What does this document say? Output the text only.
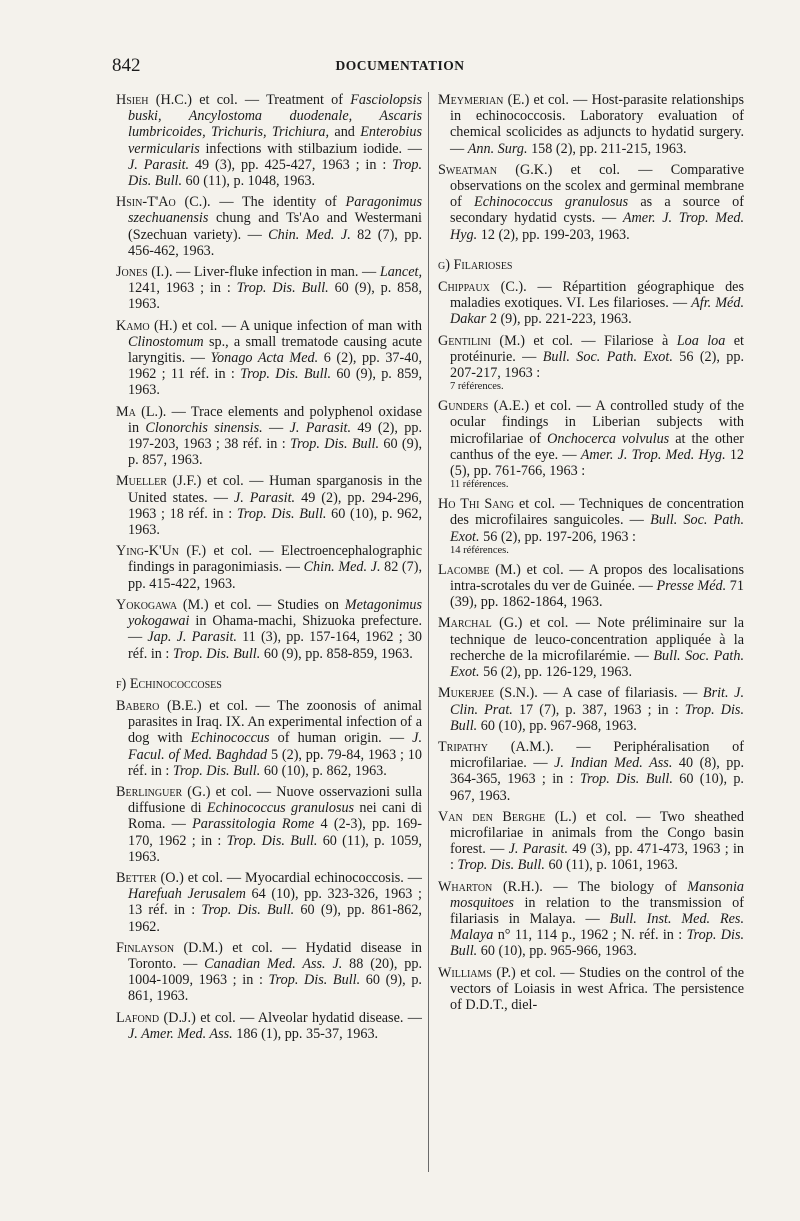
842	DOCUMENTATION

Hsieh (H.C.) et col. — Treatment of Fasciolopsis buski, Ancylostoma duodenale, Ascaris lumbricoides, Trichuris, Trichiura, and Enterobius vermicularis infections with stilbazium iodide. — J. Parasit. 49 (3), pp. 425-427, 1963 ; in : Trop. Dis. Bull. 60 (11), p. 1048, 1963.

Hsin-T'Ao (C.). — The identity of Paragonimus szechuanensis chung and Ts'Ao and Westermani (Szechuan variety). — Chin. Med. J. 82 (7), pp. 456-462, 1963.

Jones (I.). — Liver-fluke infection in man. — Lancet, 1241, 1963 ; in : Trop. Dis. Bull. 60 (9), p. 858, 1963.

Kamo (H.) et col. — A unique infection of man with Clinostomum sp., a small trematode causing acute laryngitis. — Yonago Acta Med. 6 (2), pp. 37-40, 1962 ; 11 réf. in : Trop. Dis. Bull. 60 (9), p. 859, 1963.

Ma (L.). — Trace elements and polyphenol oxidase in Clonorchis sinensis. — J. Parasit. 49 (2), pp. 197-203, 1963 ; 38 réf. in : Trop. Dis. Bull. 60 (9), p. 857, 1963.

Mueller (J.F.) et col. — Human sparganosis in the United states. — J. Parasit. 49 (2), pp. 294-296, 1963 ; 18 réf. in : Trop. Dis. Bull. 60 (10), p. 962, 1963.

Ying-K'Un (F.) et col. — Electroencephalographic findings in paragonimiasis. — Chin. Med. J. 82 (7), pp. 415-422, 1963.

Yokogawa (M.) et col. — Studies on Metagonimus yokogawai in Ohama-machi, Shizuoka prefecture. — Jap. J. Parasit. 11 (3), pp. 157-164, 1962 ; 30 réf. in : Trop. Dis. Bull. 60 (9), pp. 858-859, 1963.

f) Echinococcoses

Babero (B.E.) et col. — The zoonosis of animal parasites in Iraq. IX. An experimental infection of a dog with Echinococcus of human origin. — J. Facul. of Med. Baghdad 5 (2), pp. 79-84, 1963 ; 10 réf. in : Trop. Dis. Bull. 60 (10), p. 862, 1963.

Berlinguer (G.) et col. — Nuove osservazioni sulla diffusione di Echinococcus granulosus nei cani di Roma. — Parassitologia Rome 4 (2-3), pp. 169-170, 1962 ; in : Trop. Dis. Bull. 60 (11), p. 1059, 1963.

Better (O.) et col. — Myocardial echinococcosis. — Harefuah Jerusalem 64 (10), pp. 323-326, 1963 ; 13 réf. in : Trop. Dis. Bull. 60 (9), pp. 861-862, 1962.

Finlayson (D.M.) et col. — Hydatid disease in Toronto. — Canadian Med. Ass. J. 88 (20), pp. 1004-1009, 1963 ; in : Trop. Dis. Bull. 60 (9), p. 861, 1963.

Lafond (D.J.) et col. — Alveolar hydatid disease. — J. Amer. Med. Ass. 186 (1), pp. 35-37, 1963.

Meymerian (E.) et col. — Host-parasite relationships in echinococcosis. Laboratory evaluation of chemical scolicides as adjuncts to hydatid surgery. — Ann. Surg. 158 (2), pp. 211-215, 1963.

Sweatman (G.K.) et col. — Comparative observations on the scolex and germinal membrane of Echinococcus granulosus as a source of secondary hydatid cysts. — Amer. J. Trop. Med. Hyg. 12 (2), pp. 199-203, 1963.

g) Filarioses

Chippaux (C.). — Répartition géographique des maladies exotiques. VI. Les filarioses. — Afr. Méd. Dakar 2 (9), pp. 221-223, 1963.

Gentilini (M.) et col. — Filariose à Loa loa et protéinurie. — Bull. Soc. Path. Exot. 56 (2), pp. 207-217, 1963 :
7 références.

Gunders (A.E.) et col. — A controlled study of the ocular findings in Liberian subjects with microfilariae of Onchocerca volvulus at the other canthus of the eye. — Amer. J. Trop. Med. Hyg. 12 (5), pp. 761-766, 1963 :
11 références.

Ho Thi Sang et col. — Techniques de concentration des microfilaires sanguicoles. — Bull. Soc. Path. Exot. 56 (2), pp. 197-206, 1963 :
14 références.

Lacombe (M.) et col. — A propos des localisations intra-scrotales du ver de Guinée. — Presse Méd. 71 (39), pp. 1862-1864, 1963.

Marchal (G.) et col. — Note préliminaire sur la technique de leuco-concentration appliquée à la recherche de la microfilarémie. — Bull. Soc. Path. Exot. 56 (2), pp. 126-129, 1963.

Mukerjee (S.N.). — A case of filariasis. — Brit. J. Clin. Prat. 17 (7), p. 387, 1963 ; in : Trop. Dis. Bull. 60 (10), pp. 967-968, 1963.

Tripathy (A.M.). — Periphéralisation of microfilariae. — J. Indian Med. Ass. 40 (8), pp. 364-365, 1963 ; in : Trop. Dis. Bull. 60 (10), p. 967, 1963.

Van den Berghe (L.) et col. — Two sheathed microfilariae in animals from the Congo basin forest. — J. Parasit. 49 (3), pp. 471-473, 1963 ; in : Trop. Dis. Bull. 60 (11), p. 1061, 1963.

Wharton (R.H.). — The biology of Mansonia mosquitoes in relation to the transmission of filariasis in Malaya. — Bull. Inst. Med. Res. Malaya n° 11, 114 p., 1962 ; N. réf. in : Trop. Dis. Bull. 60 (10), pp. 965-966, 1963.

Williams (P.) et col. — Studies on the control of the vectors of Loiasis in west Africa. The persistence of D.D.T., diel-
